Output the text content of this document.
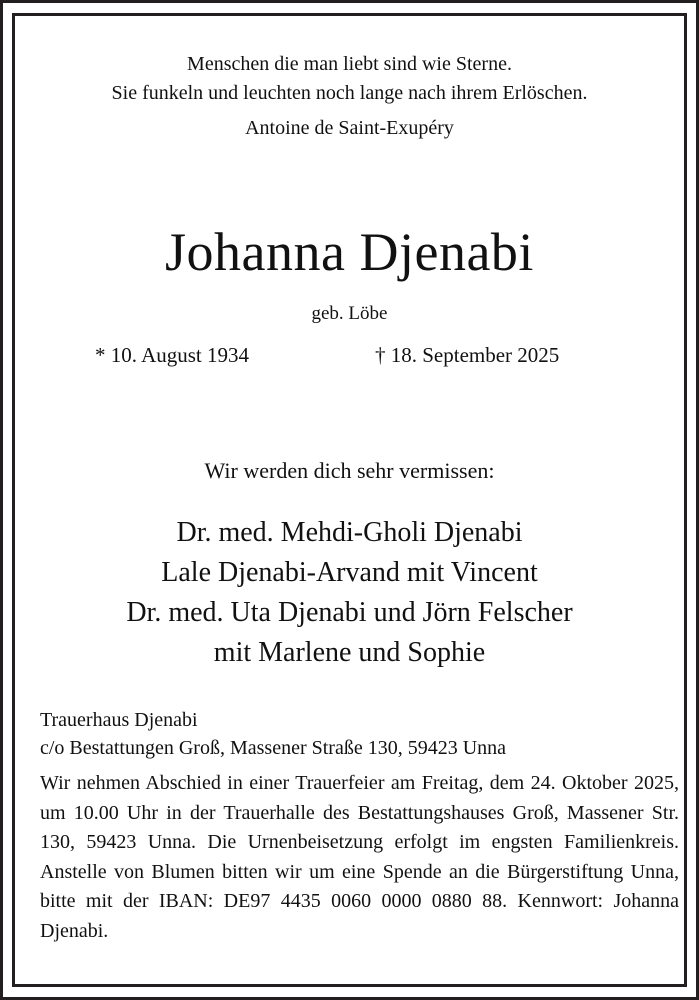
Menschen die man liebt sind wie Sterne.
Sie funkeln und leuchten noch lange nach ihrem Erlöschen.
Antoine de Saint-Exupéry
Johanna Djenabi
geb. Löbe
* 10. August 1934	† 18. September 2025
Wir werden dich sehr vermissen:
Dr. med. Mehdi-Gholi Djenabi
Lale Djenabi-Arvand mit Vincent
Dr. med. Uta Djenabi und Jörn Felscher
mit Marlene und Sophie
Trauerhaus Djenabi
c/o Bestattungen Groß, Massener Straße 130, 59423 Unna
Wir nehmen Abschied in einer Trauerfeier am Freitag, dem 24. Oktober 2025, um 10.00 Uhr in der Trauerhalle des Bestattungshauses Groß, Massener Str. 130, 59423 Unna. Die Urnenbeisetzung erfolgt im engsten Familienkreis. Anstelle von Blumen bitten wir um eine Spende an die Bürgerstiftung Unna, bitte mit der IBAN: DE97 4435 0060 0000 0880 88. Kennwort: Johanna Djenabi.
